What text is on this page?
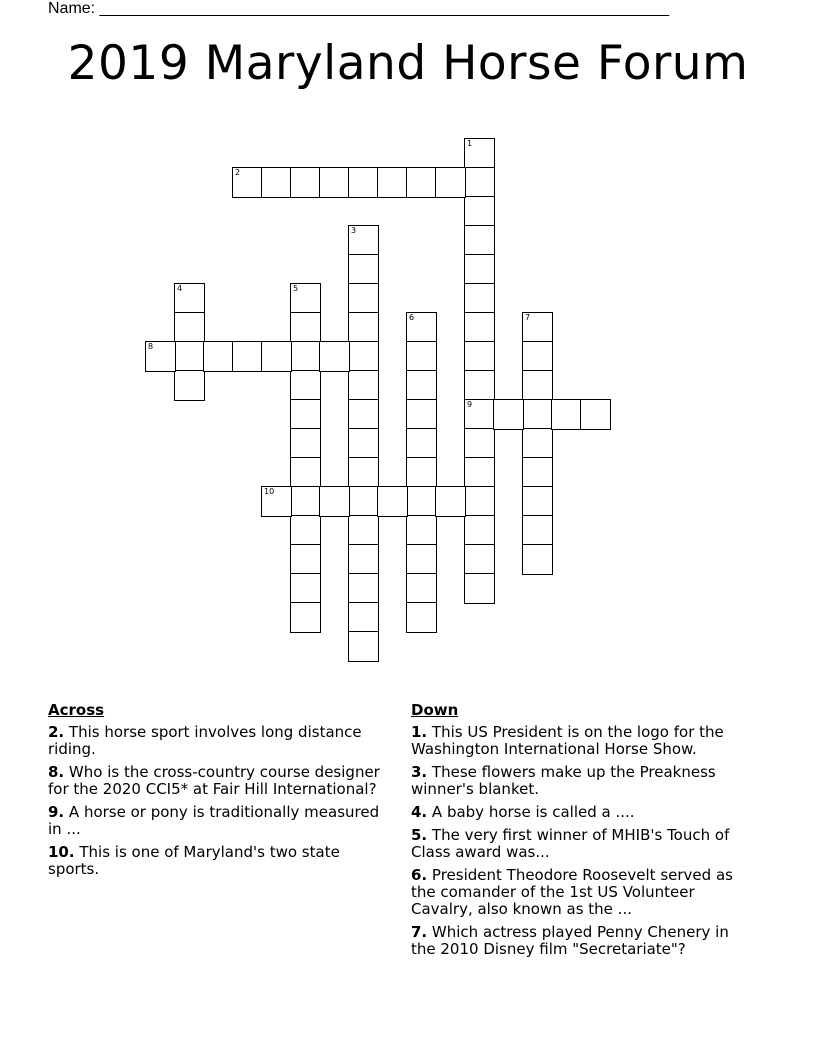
Name: ________________________________________________________________
2019 Maryland Horse Forum
1
9
2
3
4	5
6	7
8
10
Across
2. This horse sport involves long distance riding.
8. Who is the cross-country course designer for the 2020 CCI5* at Fair Hill International?
9. A horse or pony is traditionally measured in ...
10. This is one of Maryland's two state sports.
Down
1. This US President is on the logo for the Washington International Horse Show.
3. These flowers make up the Preakness winner's blanket.
4. A baby horse is called a ....
5. The very first winner of MHIB's Touch of Class award was...
6. President Theodore Roosevelt served as the comander of the 1st US Volunteer Cavalry, also known as the ...
7. Which actress played Penny Chenery in the 2010 Disney film "Secretariate"?
